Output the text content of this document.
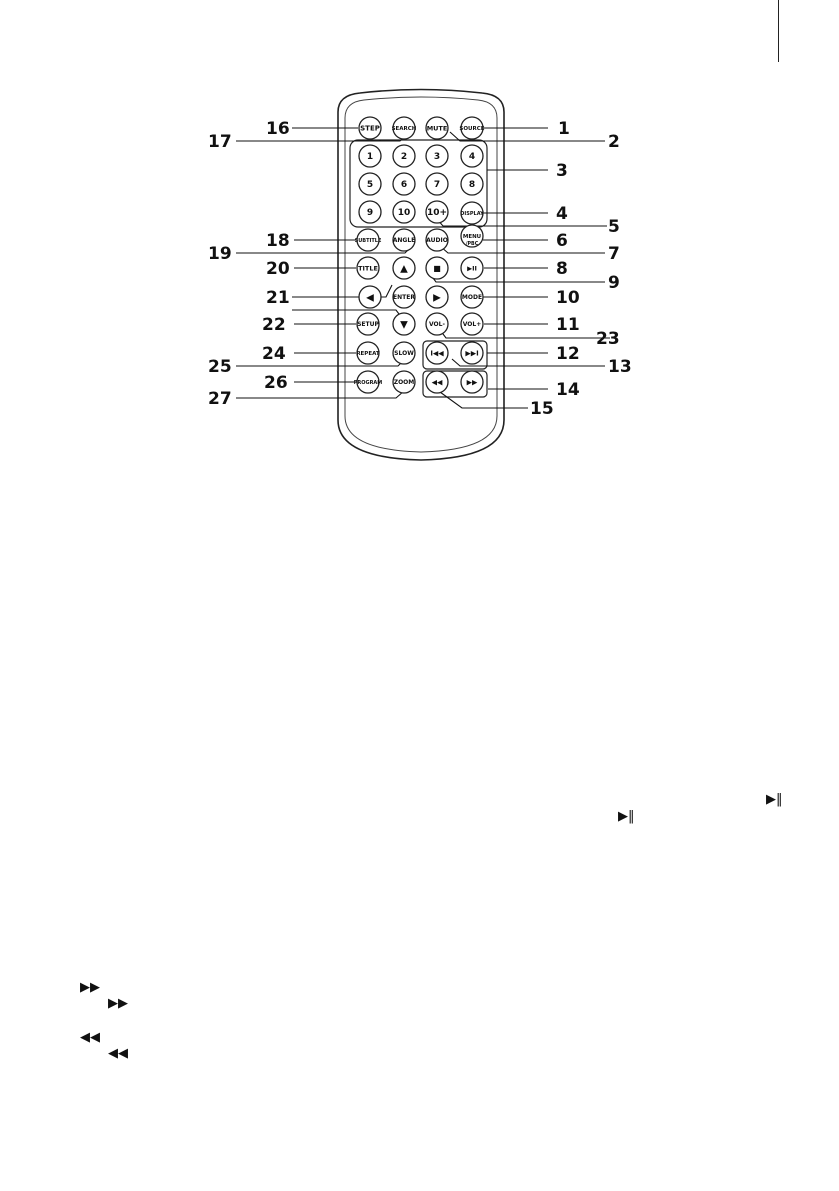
STEP SEARCH MUTE SOURCE
1	2	3	4
5	6	7	8
9	10 10+	DISPLAY
SUBTITLE ANGLE AUDIO
MENU
/PBC
TITLE ▲	■	▶II
◀	ENTER ▶	MODE
SETUP ▼	VOL-	VOL+
REPEAT SLOW I◀◀	▶▶I
PROGRAM ZOOM ◀◀	▶▶
1
2
3
4
5
6
7
8
9
10
11
12
13
14
15
16
17
18
19
20
21
22
23
24
25
26
27
▶‖
▶‖
▶▶
▶▶
◀◀
◀◀
